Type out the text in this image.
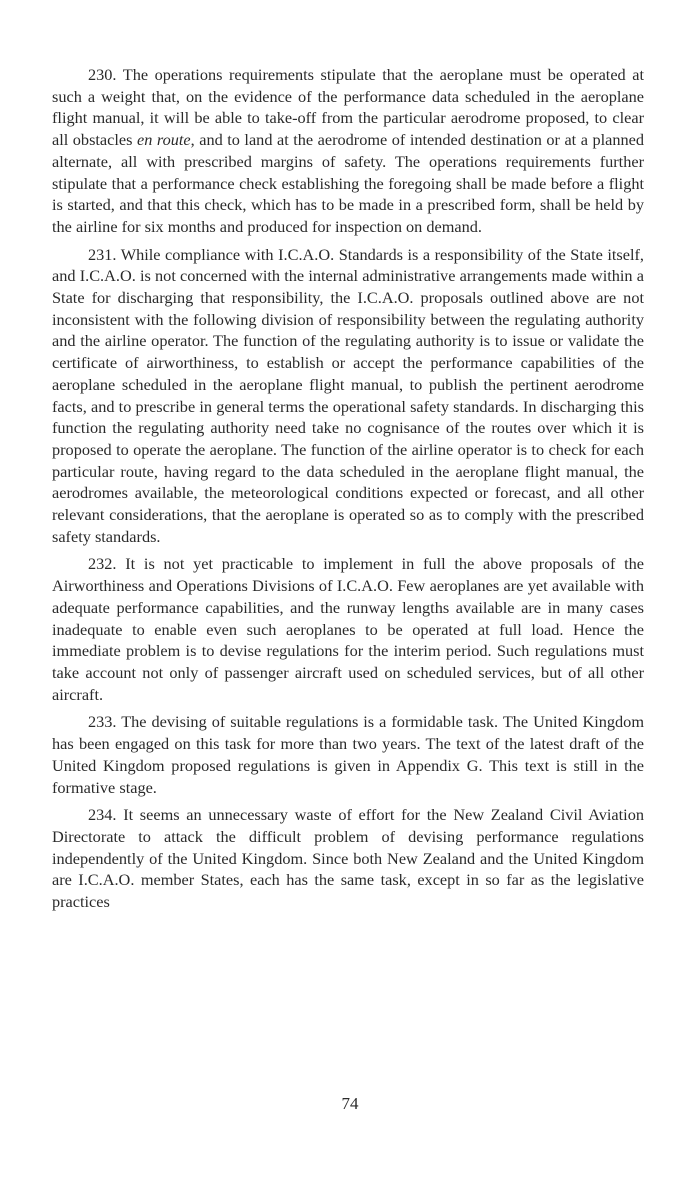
230. The operations requirements stipulate that the aeroplane must be operated at such a weight that, on the evidence of the performance data scheduled in the aeroplane flight manual, it will be able to take-off from the particular aerodrome proposed, to clear all obstacles en route, and to land at the aerodrome of intended destination or at a planned alternate, all with prescribed margins of safety. The operations requirements further stipulate that a performance check establishing the foregoing shall be made before a flight is started, and that this check, which has to be made in a prescribed form, shall be held by the airline for six months and produced for inspection on demand.

231. While compliance with I.C.A.O. Standards is a responsibility of the State itself, and I.C.A.O. is not concerned with the internal administrative arrangements made within a State for discharging that responsibility, the I.C.A.O. proposals outlined above are not inconsistent with the following division of responsibility between the regulating authority and the airline operator. The function of the regulating authority is to issue or validate the certificate of airworthiness, to establish or accept the performance capabilities of the aeroplane scheduled in the aeroplane flight manual, to publish the pertinent aerodrome facts, and to prescribe in general terms the operational safety standards. In discharging this function the regulating authority need take no cognisance of the routes over which it is proposed to operate the aeroplane. The function of the airline operator is to check for each particular route, having regard to the data scheduled in the aeroplane flight manual, the aerodromes available, the meteorological conditions expected or forecast, and all other relevant considerations, that the aeroplane is operated so as to comply with the prescribed safety standards.

232. It is not yet practicable to implement in full the above proposals of the Airworthiness and Operations Divisions of I.C.A.O. Few aeroplanes are yet available with adequate performance capabilities, and the runway lengths available are in many cases inadequate to enable even such aeroplanes to be operated at full load. Hence the immediate problem is to devise regulations for the interim period. Such regulations must take account not only of passenger aircraft used on scheduled services, but of all other aircraft.

233. The devising of suitable regulations is a formidable task. The United Kingdom has been engaged on this task for more than two years. The text of the latest draft of the United Kingdom proposed regulations is given in Appendix G. This text is still in the formative stage.

234. It seems an unnecessary waste of effort for the New Zealand Civil Aviation Directorate to attack the difficult problem of devising performance regulations independently of the United Kingdom. Since both New Zealand and the United Kingdom are I.C.A.O. member States, each has the same task, except in so far as the legislative practices

74
